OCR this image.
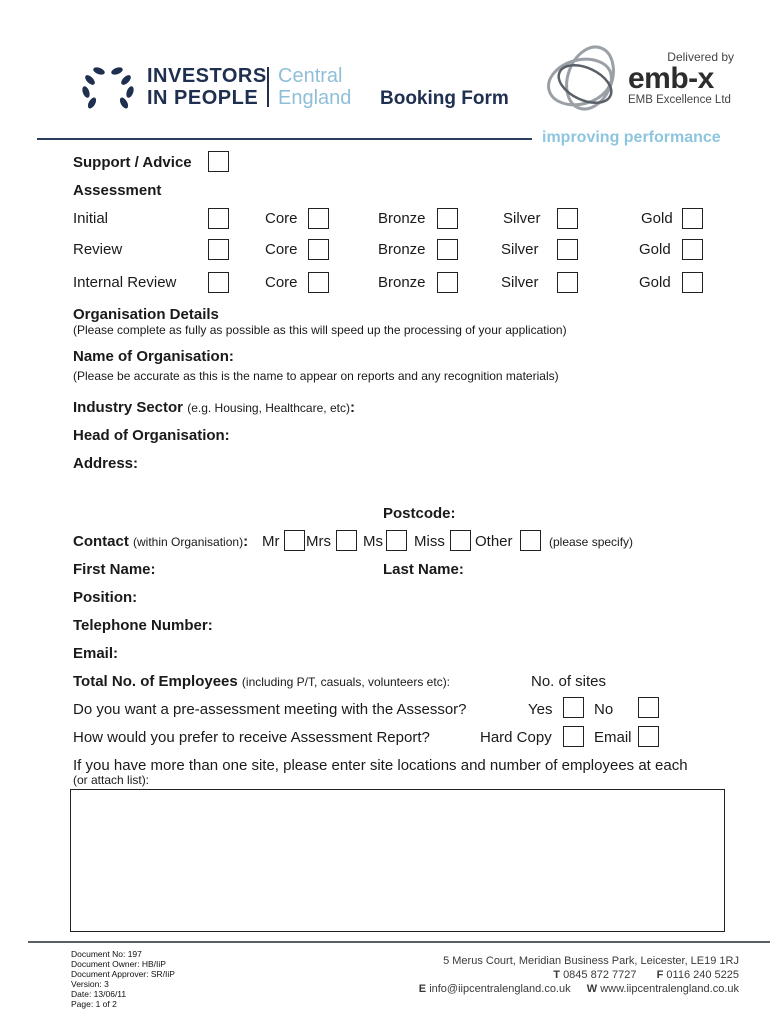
INVESTORS
IN PEOPLE
Central
England Booking Form
Delivered by
emb-x
EMB Excellence Ltd
improving performance
Support / Advice
Assessment
Initial	Core	Bronze	Silver	Gold
Review	Core	Bronze	Silver	Gold
Internal Review	Core	Bronze	Silver	Gold
Organisation Details
(Please complete as fully as possible as this will speed up the processing of your application)
Name of Organisation:
(Please be accurate as this is the name to appear on reports and any recognition materials)
Industry Sector (e.g. Housing, Healthcare, etc):
Head of Organisation:
Address:
Postcode:
Contact (within Organisation): Mr Mrs Ms Miss Other	(please specify)
First Name:	Last Name:
Position:
Telephone Number:
Email:
Total No. of Employees (including P/T, casuals, volunteers etc):	No. of sites
Do you want a pre-assessment meeting with the Assessor?	Yes	No
How would you prefer to receive Assessment Report?	Hard Copy	Email
If you have more than one site, please enter site locations and number of employees at each
(or attach list):
Document No: 197
Document Owner: HB/IiP
Document Approver: SR/IiP
Version: 3
Date: 13/06/11
Page: 1 of 2
5 Merus Court, Meridian Business Park, Leicester, LE19 1RJ
T 0845 872 7727 F 0116 240 5225
E info@iipcentralengland.co.uk W www.iipcentralengland.co.uk
